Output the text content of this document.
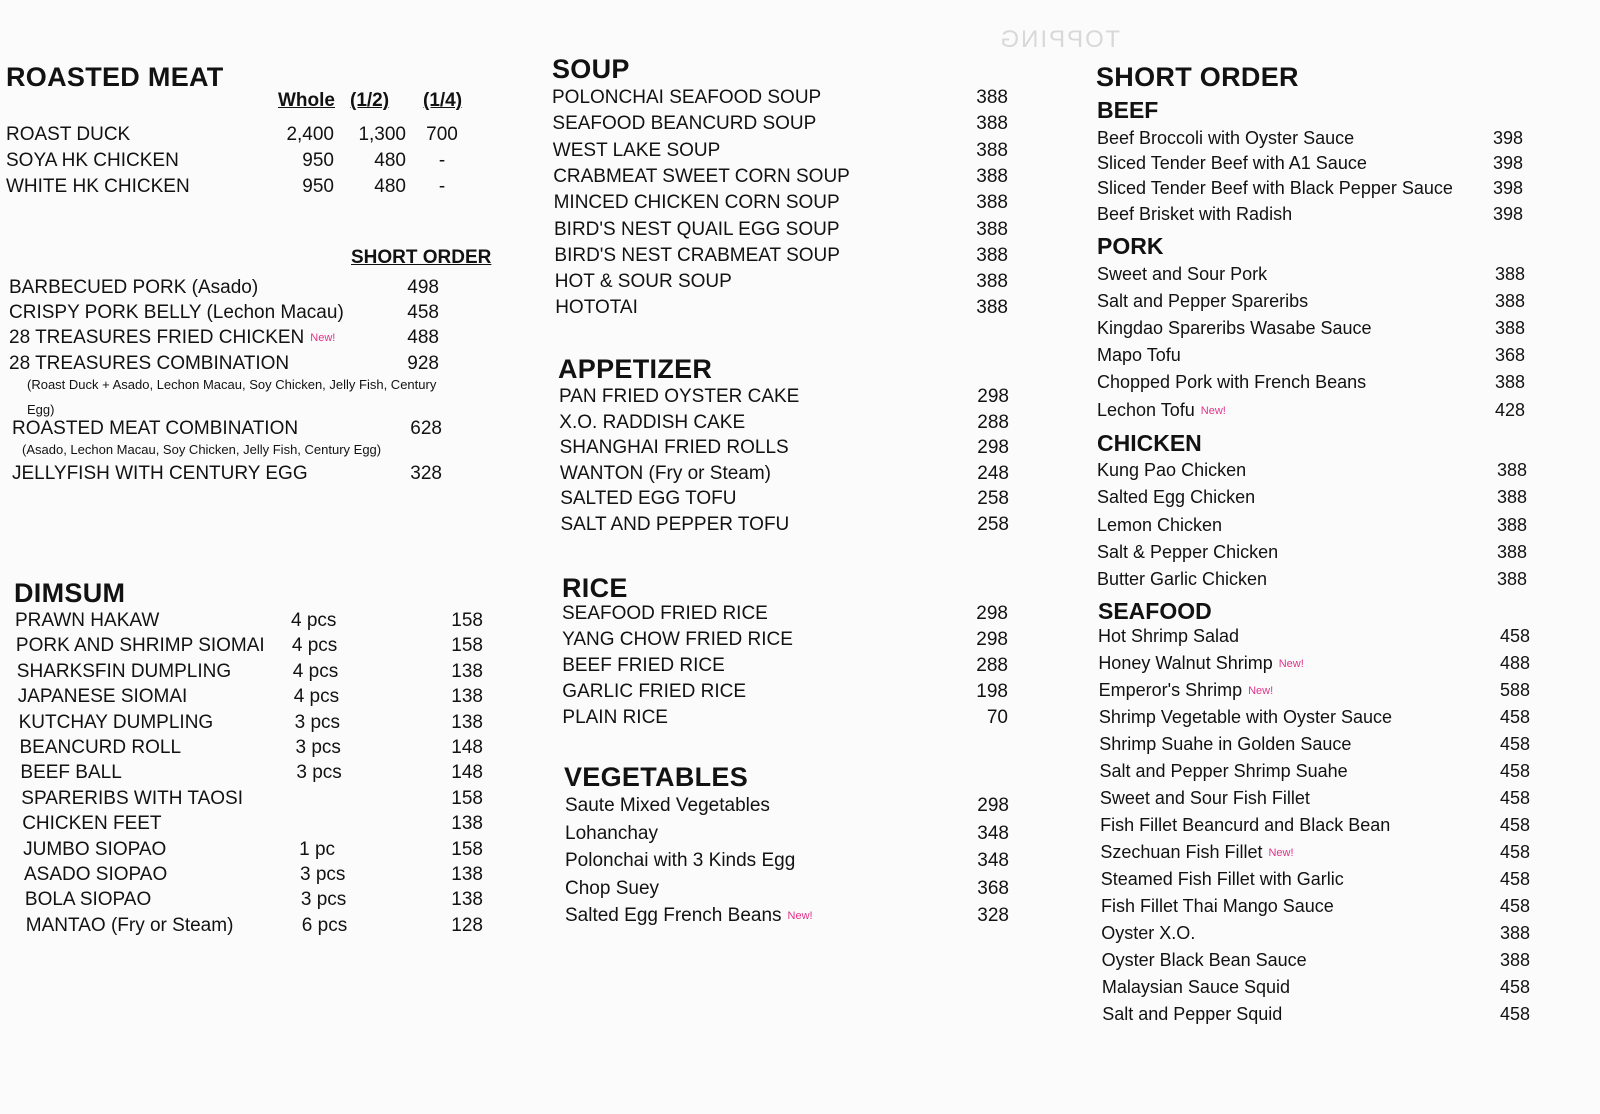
TOPPING
ROASTED MEAT
Whole (1/2) (1/4)
ROAST DUCK	2,400	1,300	700
SOYA HK CHICKEN	950	480	-
WHITE HK CHICKEN	950	480	-
SHORT ORDER
BARBECUED PORK (Asado)	498
CRISPY PORK BELLY (Lechon Macau)	458
28 TREASURES FRIED CHICKEN New!	488
28 TREASURES COMBINATION	928
ROASTED MEAT COMBINATION	628
JELLYFISH WITH CENTURY EGG	328
(Roast Duck + Asado, Lechon Macau, Soy Chicken, Jelly Fish, Century
Egg)
(Asado, Lechon Macau, Soy Chicken, Jelly Fish, Century Egg)
DIMSUM
PRAWN HAKAW	4 pcs	158
PORK AND SHRIMP SIOMAI 4 pcs	158
SHARKSFIN DUMPLING	4 pcs	138
JAPANESE SIOMAI	4 pcs	138
KUTCHAY DUMPLING	3 pcs	138
BEANCURD ROLL	3 pcs	148
BEEF BALL	3 pcs	148
SPARERIBS WITH TAOSI	158
CHICKEN FEET	138
JUMBO SIOPAO	1 pc	158
ASADO SIOPAO	3 pcs	138
BOLA SIOPAO	3 pcs	138
MANTAO (Fry or Steam)	6 pcs	128
SOUP
POLONCHAI SEAFOOD SOUP	388
SEAFOOD BEANCURD SOUP	388
WEST LAKE SOUP	388
CRABMEAT SWEET CORN SOUP	388
MINCED CHICKEN CORN SOUP	388
BIRD'S NEST QUAIL EGG SOUP	388
BIRD'S NEST CRABMEAT SOUP	388
HOT & SOUR SOUP	388
HOTOTAI	388
APPETIZER
PAN FRIED OYSTER CAKE	298
X.O. RADDISH CAKE	288
SHANGHAI FRIED ROLLS	298
WANTON (Fry or Steam)	248
SALTED EGG TOFU	258
SALT AND PEPPER TOFU	258
RICE
SEAFOOD FRIED RICE	298
YANG CHOW FRIED RICE	298
BEEF FRIED RICE	288
GARLIC FRIED RICE	198
PLAIN RICE	70
VEGETABLES
Saute Mixed Vegetables	298
Lohanchay	348
Polonchai with 3 Kinds Egg	348
Chop Suey	368
Salted Egg French Beans New!	328
SHORT ORDER
BEEF
Beef Broccoli with Oyster Sauce	398
Sliced Tender Beef with A1 Sauce	398
Sliced Tender Beef with Black Pepper Sauce	398
Beef Brisket with Radish	398
PORK
Sweet and Sour Pork	388
Salt and Pepper Spareribs	388
Kingdao Spareribs Wasabe Sauce	388
Mapo Tofu	368
Chopped Pork with French Beans	388
Lechon Tofu New!	428
CHICKEN
Kung Pao Chicken	388
Salted Egg Chicken	388
Lemon Chicken	388
Salt & Pepper Chicken	388
Butter Garlic Chicken	388
SEAFOOD
Hot Shrimp Salad	458
Honey Walnut Shrimp New!	488
Emperor's Shrimp New!	588
Shrimp Vegetable with Oyster Sauce	458
Shrimp Suahe in Golden Sauce	458
Salt and Pepper Shrimp Suahe	458
Sweet and Sour Fish Fillet	458
Fish Fillet Beancurd and Black Bean	458
Szechuan Fish Fillet New!	458
Steamed Fish Fillet with Garlic	458
Fish Fillet Thai Mango Sauce	458
Oyster X.O.	388
Oyster Black Bean Sauce	388
Malaysian Sauce Squid	458
Salt and Pepper Squid	458
